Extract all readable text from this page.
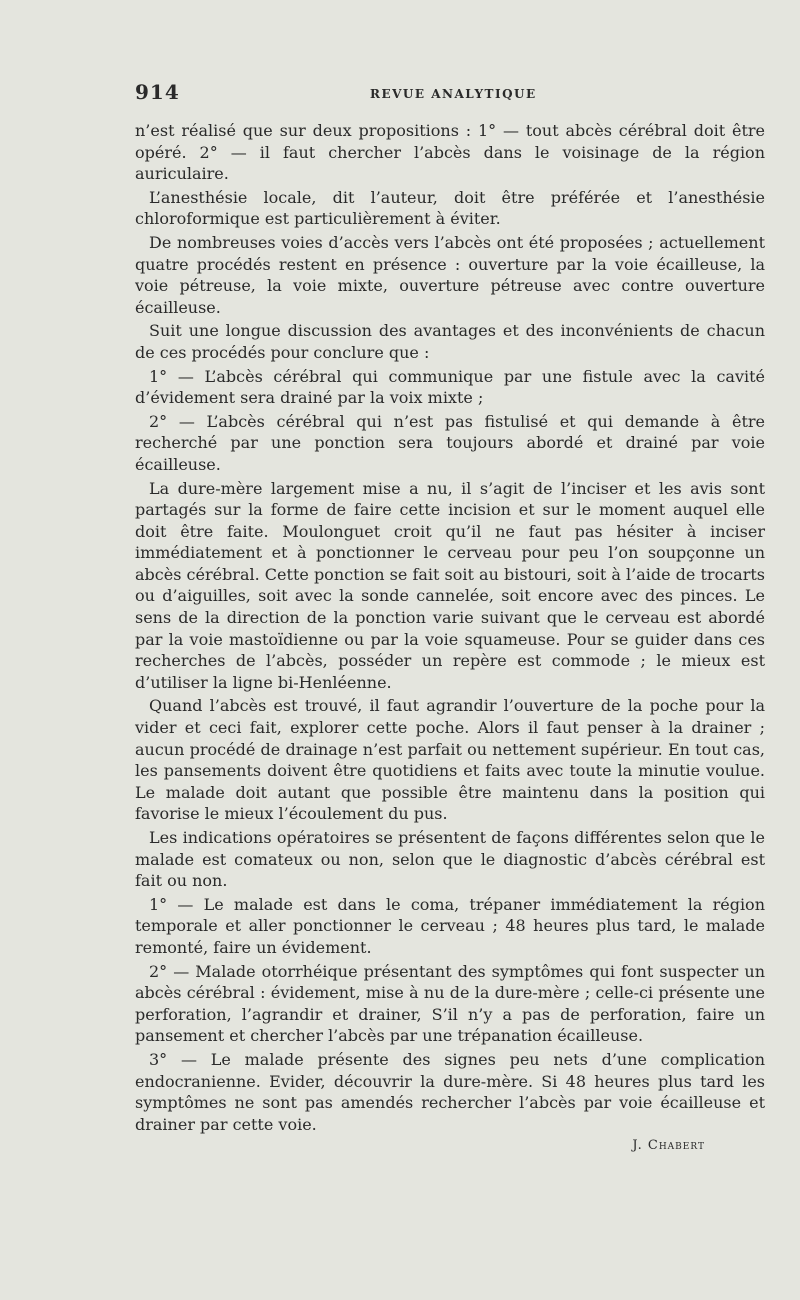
914	REVUE ANALYTIQUE

n’est réalisé que sur deux propositions : 1° — tout abcès cérébral doit être opéré. 2° — il faut chercher l’abcès dans le voisinage de la région auriculaire.

L’anesthésie locale, dit l’auteur, doit être préférée et l’anesthésie chloroformique est particulièrement à éviter.

De nombreuses voies d’accès vers l’abcès ont été proposées ; actuellement quatre procédés restent en présence : ouverture par la voie écailleuse, la voie pétreuse, la voie mixte, ouverture pétreuse avec contre ouverture écailleuse.

Suit une longue discussion des avantages et des inconvénients de chacun de ces procédés pour conclure que :

1° — L’abcès cérébral qui communique par une fistule avec la cavité d’évidement sera drainé par la voix mixte ;

2° — L’abcès cérébral qui n’est pas fistulisé et qui demande à être recherché par une ponction sera toujours abordé et drainé par voie écailleuse.

La dure-mère largement mise a nu, il s’agit de l’inciser et les avis sont partagés sur la forme de faire cette incision et sur le moment auquel elle doit être faite. Moulonguet croit qu’il ne faut pas hésiter à inciser immédiatement et à ponctionner le cerveau pour peu l’on soupçonne un abcès cérébral. Cette ponction se fait soit au bistouri, soit à l’aide de trocarts ou d’aiguilles, soit avec la sonde cannelée, soit encore avec des pinces. Le sens de la direction de la ponction varie suivant que le cerveau est abordé par la voie mastoïdienne ou par la voie squameuse. Pour se guider dans ces recherches de l’abcès, posséder un repère est commode ; le mieux est d’utiliser la ligne bi-Henléenne.

Quand l’abcès est trouvé, il faut agrandir l’ouverture de la poche pour la vider et ceci fait, explorer cette poche. Alors il faut penser à la drainer ; aucun procédé de drainage n’est parfait ou nettement supérieur. En tout cas, les pansements doivent être quotidiens et faits avec toute la minutie voulue. Le malade doit autant que possible être maintenu dans la position qui favorise le mieux l’écoulement du pus.

Les indications opératoires se présentent de façons différentes selon que le malade est comateux ou non, selon que le diagnostic d’abcès cérébral est fait ou non.

1° — Le malade est dans le coma, trépaner immédiatement la région temporale et aller ponctionner le cerveau ; 48 heures plus tard, le malade remonté, faire un évidement.

2° — Malade otorrhéique présentant des symptômes qui font suspecter un abcès cérébral : évidement, mise à nu de la dure-mère ; celle-ci présente une perforation, l’agrandir et drainer, S’il n’y a pas de perforation, faire un pansement et chercher l’abcès par une trépanation écailleuse.

3° — Le malade présente des signes peu nets d’une complication endocranienne. Evider, découvrir la dure-mère. Si 48 heures plus tard les symptômes ne sont pas amendés rechercher l’abcès par voie écailleuse et drainer par cette voie.

J. Chabert
